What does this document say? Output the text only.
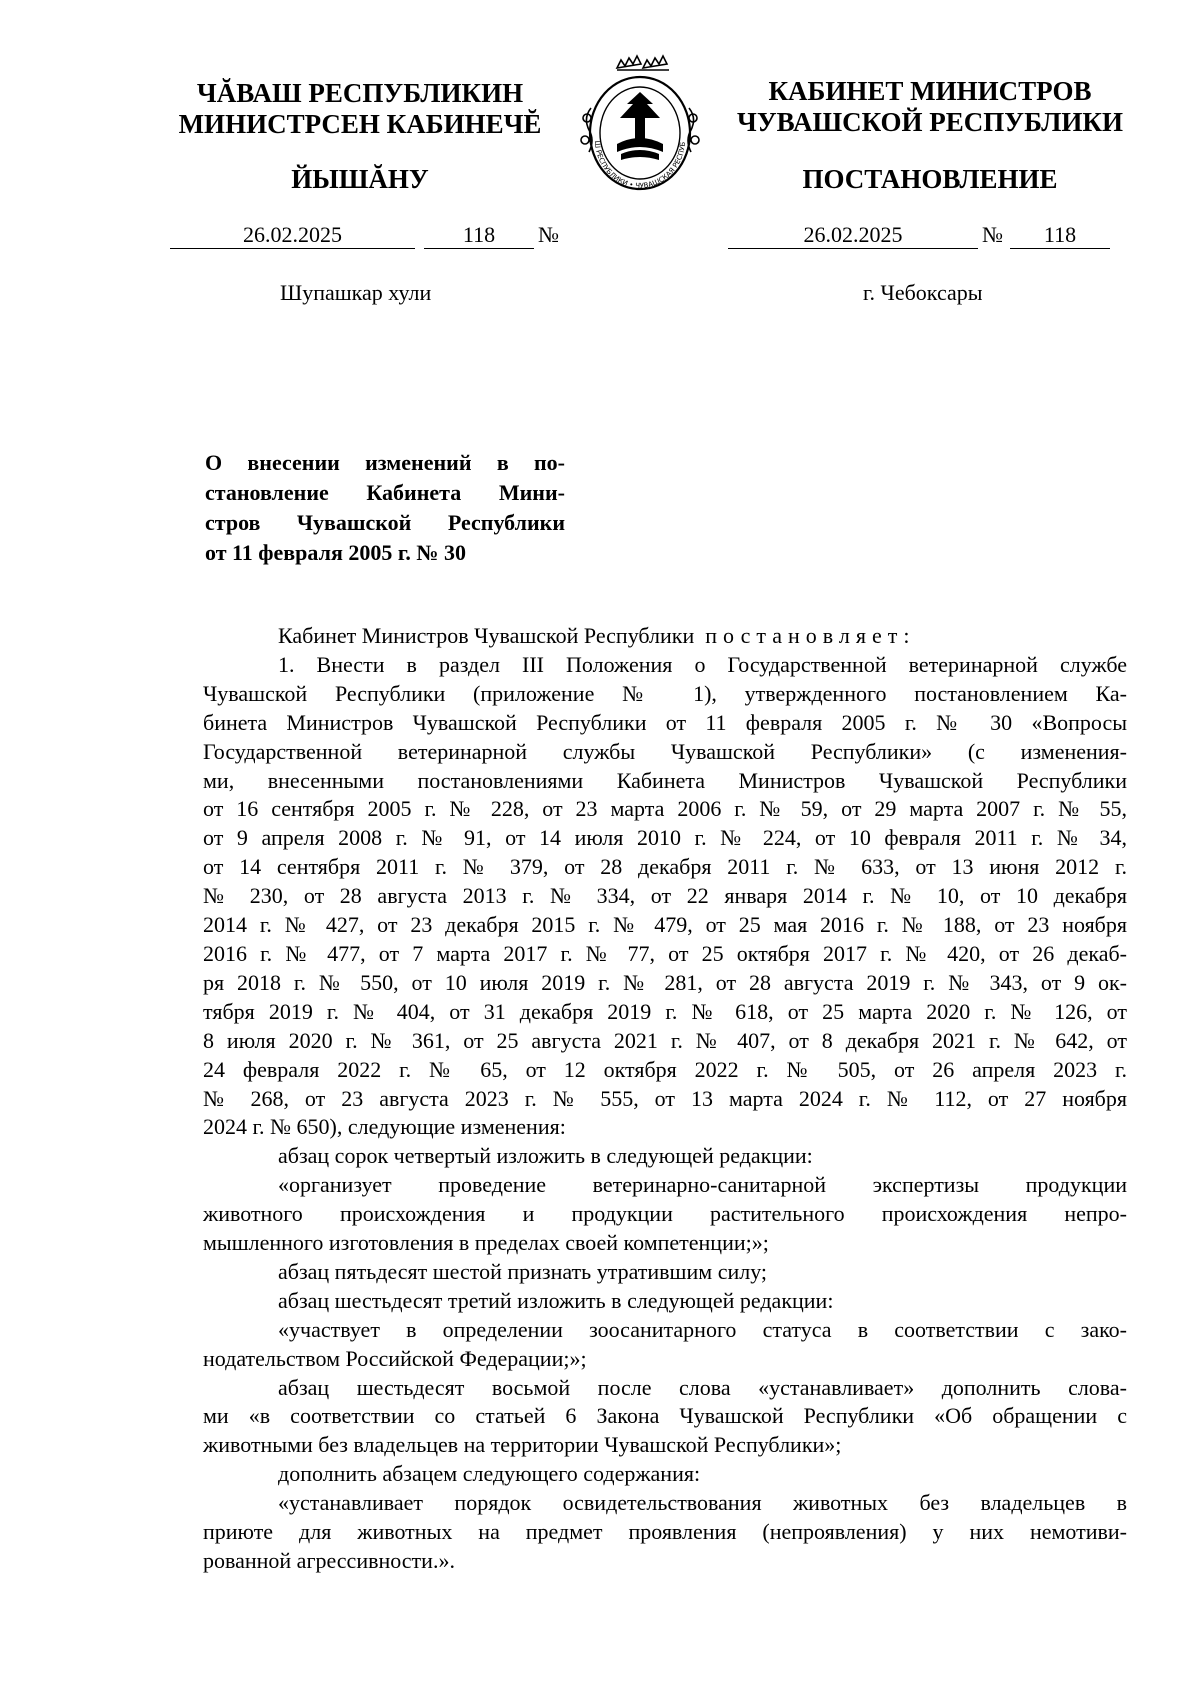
ЧĂВАШ РЕСПУБЛИКИН
МИНИСТРСЕН КАБИНЕЧĔ
ЙЫШĂНУ
Ш РЕСПУБЛИКИ • ЧУВАШСКАЯ РЕСПУБ
КАБИНЕТ МИНИСТРОВ
ЧУВАШСКОЙ РЕСПУБЛИКИ
ПОСТАНОВЛЕНИЕ
26.02.2025	118	№	26.02.2025	№	118
Шупашкар хули	г. Чебоксары
О внесении изменений в по-
становление Кабинета Мини-
стров Чувашской Республики
от 11 февраля 2005 г. № 30
Кабинет Министров Чувашской Республики постановляет:
1. Внести в раздел III Положения о Государственной ветеринарной службе
Чувашской Республики (приложение № 1), утвержденного постановлением Ка-
бинета Министров Чувашской Республики от 11 февраля 2005 г. № 30 «Вопросы
Государственной ветеринарной службы Чувашской Республики» (с изменения-
ми, внесенными постановлениями Кабинета Министров Чувашской Республики
от 16 сентября 2005 г. № 228, от 23 марта 2006 г. № 59, от 29 марта 2007 г. № 55,
от 9 апреля 2008 г. № 91, от 14 июля 2010 г. № 224, от 10 февраля 2011 г. № 34,
от 14 сентября 2011 г. № 379, от 28 декабря 2011 г. № 633, от 13 июня 2012 г.
№ 230, от 28 августа 2013 г. № 334, от 22 января 2014 г. № 10, от 10 декабря
2014 г. № 427, от 23 декабря 2015 г. № 479, от 25 мая 2016 г. № 188, от 23 ноября
2016 г. № 477, от 7 марта 2017 г. № 77, от 25 октября 2017 г. № 420, от 26 декаб-
ря 2018 г. № 550, от 10 июля 2019 г. № 281, от 28 августа 2019 г. № 343, от 9 ок-
тября 2019 г. № 404, от 31 декабря 2019 г. № 618, от 25 марта 2020 г. № 126, от
8 июля 2020 г. № 361, от 25 августа 2021 г. № 407, от 8 декабря 2021 г. № 642, от
24 февраля 2022 г. № 65, от 12 октября 2022 г. № 505, от 26 апреля 2023 г.
№ 268, от 23 августа 2023 г. № 555, от 13 марта 2024 г. № 112, от 27 ноября
2024 г. № 650), следующие изменения:
абзац сорок четвертый изложить в следующей редакции:
«организует проведение ветеринарно-санитарной экспертизы продукции
животного происхождения и продукции растительного происхождения непро-
мышленного изготовления в пределах своей компетенции;»;
абзац пятьдесят шестой признать утратившим силу;
абзац шестьдесят третий изложить в следующей редакции:
«участвует в определении зоосанитарного статуса в соответствии с зако-
нодательством Российской Федерации;»;
абзац шестьдесят восьмой после слова «устанавливает» дополнить слова-
ми «в соответствии со статьей 6 Закона Чувашской Республики «Об обращении с
животными без владельцев на территории Чувашской Республики»;
дополнить абзацем следующего содержания:
«устанавливает порядок освидетельствования животных без владельцев в
приюте для животных на предмет проявления (непроявления) у них немотиви-
рованной агрессивности.».
